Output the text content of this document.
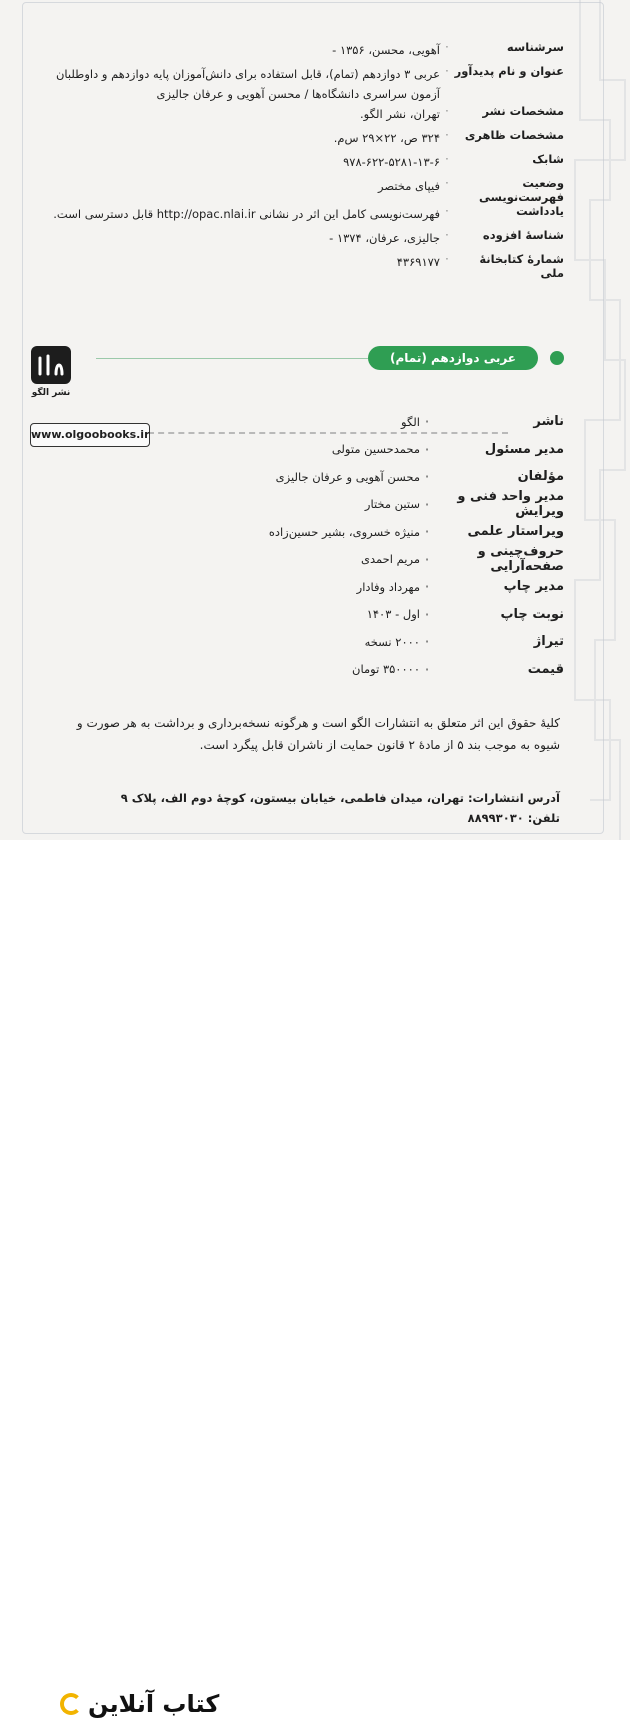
سرشناسه
·
آهویی، محسن، ۱۳۵۶ -
عنوان و نام پدیدآور
·
عربی ۳ دوازدهم (تمام)، قابل استفاده برای دانش‌آموزان پایه دوازدهم و داوطلبان آزمون سراسری دانشگاه‌ها / محسن آهویی و عرفان جالیزی
مشخصات نشر
·
تهران، نشر الگو.
مشخصات ظاهری
·
۳۲۴ ص، ۲۲×۲۹ س‌م.
شابک
·
۹۷۸-۶۲۲-۵۲۸۱-۱۳-۶
وضعیت فهرست‌نویسی
·
فیپای مختصر
یادداشت
·
فهرست‌نویسی کامل این اثر در نشانی http://opac.nlai.ir قابل دسترسی است.
شناسهٔ افزوده
·
جالیزی، عرفان، ۱۳۷۴ -
شمارهٔ کتابخانهٔ ملی
·
۴۳۶۹۱۷۷
عربی دوازدهم (تمام)
نشر الگو
www.olgoobooks.ir
ناشر
·
الگو
مدیر مسئول
·
محمدحسین متولی
مؤلفان
·
محسن آهویی و عرفان جالیزی
مدیر واحد فنی و ویرایش
·
ستین مختار
ویراستار علمی
·
منیژه خسروی، بشیر حسین‌زاده
حروف‌چینی و صفحه‌آرایی
·
مریم احمدی
مدیر چاپ
·
مهرداد وفادار
نوبت چاپ
·
اول - ۱۴۰۳
تیراژ
·
۲۰۰۰ نسخه
قیمت
·
۳۵۰۰۰۰ تومان
کلیهٔ حقوق این اثر متعلق به انتشارات الگو است و هرگونه نسخه‌برداری و برداشت به هر صورت و شیوه به موجب بند ۵ از مادهٔ ۲ قانون حمایت از ناشران قابل پیگرد است.
آدرس انتشارات: تهران، میدان فاطمی، خیابان بیستون، کوچهٔ دوم الف، پلاک ۹
تلفن: ۸۸۹۹۳۰۳۰
کتاب آنلاین
